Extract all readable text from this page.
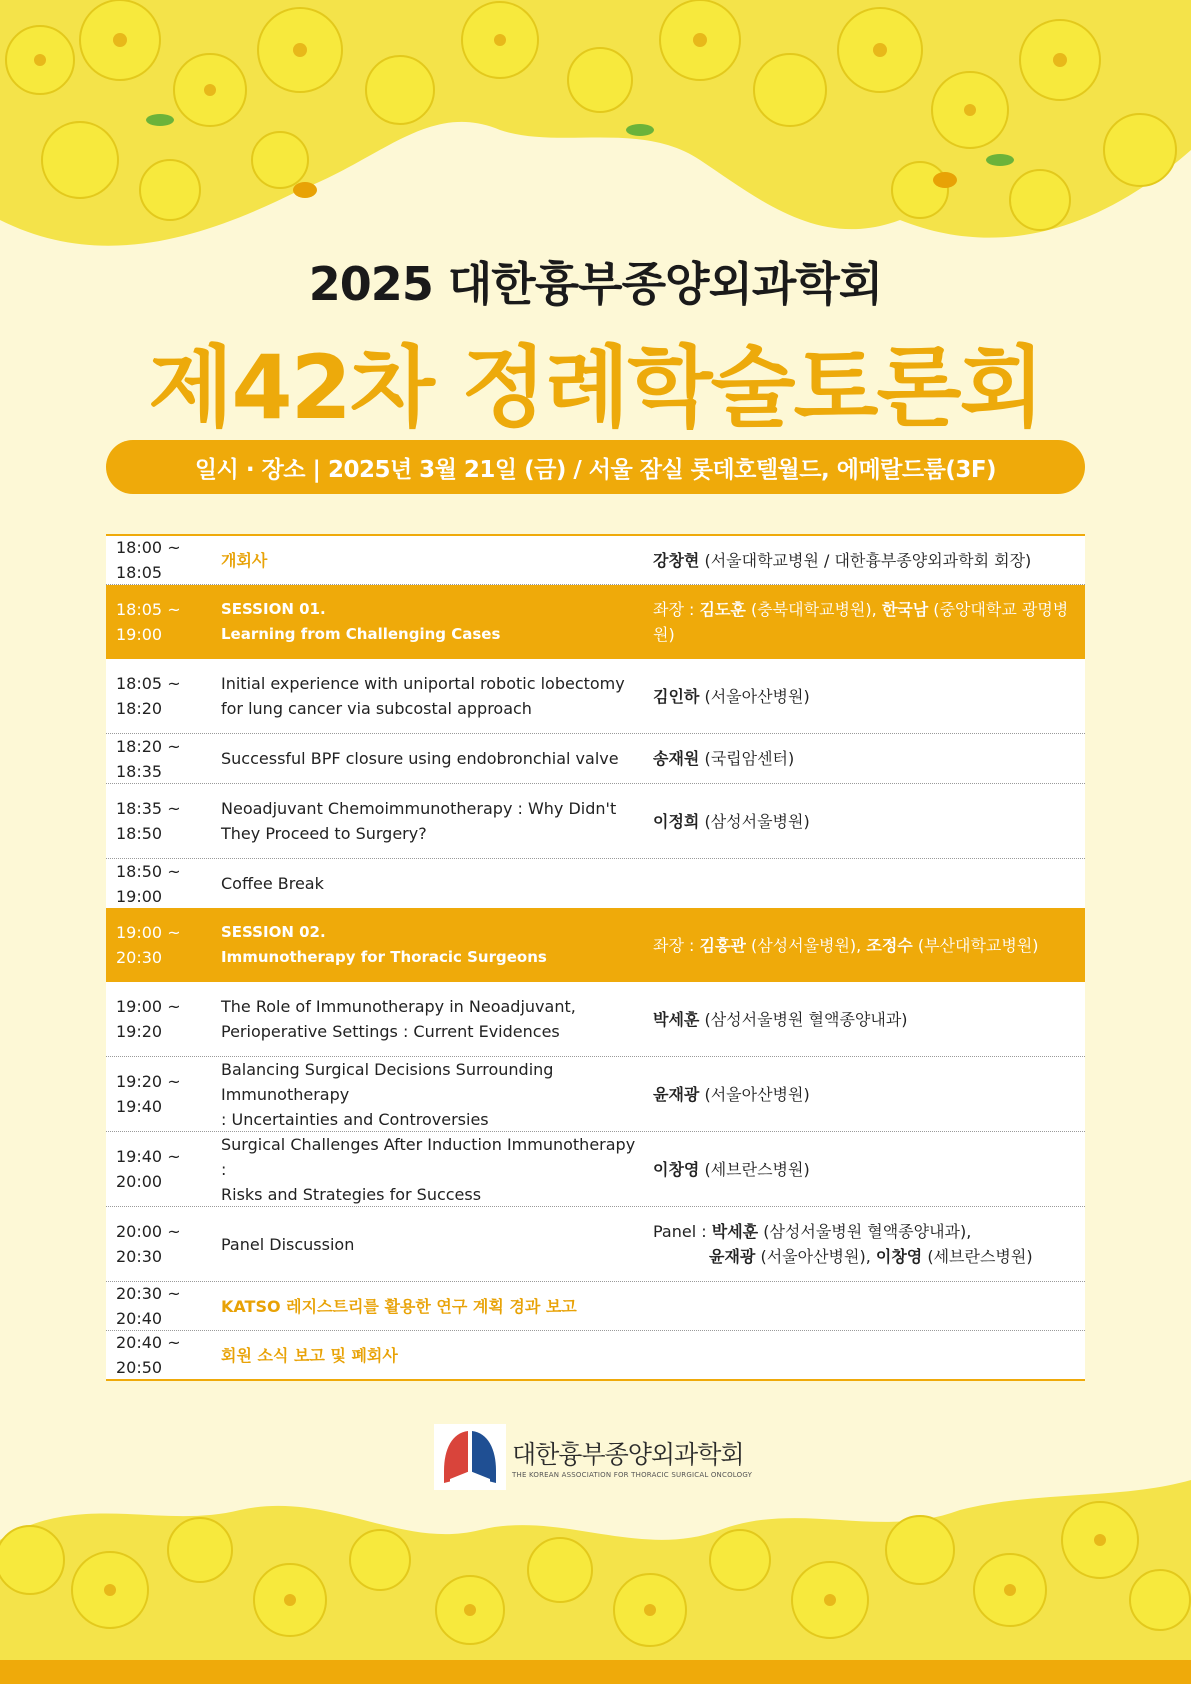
2025 대한흉부종양외과학회
제42차 정례학술토론회
일시 · 장소 | 2025년 3월 21일 (금) / 서울 잠실 롯데호텔월드, 에메랄드룸(3F)
18:00 ~ 18:05
개회사	강창현 (서울대학교병원 / 대한흉부종양외과학회 회장)
18:05 ~ 19:00
SESSION 01.
Learning from Challenging Cases
좌장 : 김도훈 (충북대학교병원), 한국남 (중앙대학교 광명병원)
18:05 ~ 18:20
Initial experience with uniportal robotic lobectomy
for lung cancer via subcostal approach
김인하 (서울아산병원)
18:20 ~ 18:35
Successful BPF closure using endobronchial valve	송재원 (국립암센터)
18:35 ~ 18:50
Neoadjuvant Chemoimmunotherapy : Why Didn't
They Proceed to Surgery?
이정희 (삼성서울병원)
18:50 ~ 19:00
Coffee Break
19:00 ~ 20:30
SESSION 02.
Immunotherapy for Thoracic Surgeons
좌장 : 김홍관 (삼성서울병원), 조정수 (부산대학교병원)
19:00 ~ 19:20
The Role of Immunotherapy in Neoadjuvant,
Perioperative Settings : Current Evidences
박세훈 (삼성서울병원 혈액종양내과)
19:20 ~ 19:40
Balancing Surgical Decisions Surrounding Immunotherapy
: Uncertainties and Controversies
윤재광 (서울아산병원)
19:40 ~ 20:00
Surgical Challenges After Induction Immunotherapy :
Risks and Strategies for Success
이창영 (세브란스병원)
20:00 ~ 20:30
Panel Discussion
Panel : 박세훈 (삼성서울병원 혈액종양내과),
윤재광 (서울아산병원), 이창영 (세브란스병원)
20:30 ~ 20:40
KATSO 레지스트리를 활용한 연구 계획 경과 보고
20:40 ~ 20:50
회원 소식 보고 및 폐회사
대한흉부종양외과학회
THE KOREAN ASSOCIATION FOR THORACIC SURGICAL ONCOLOGY
